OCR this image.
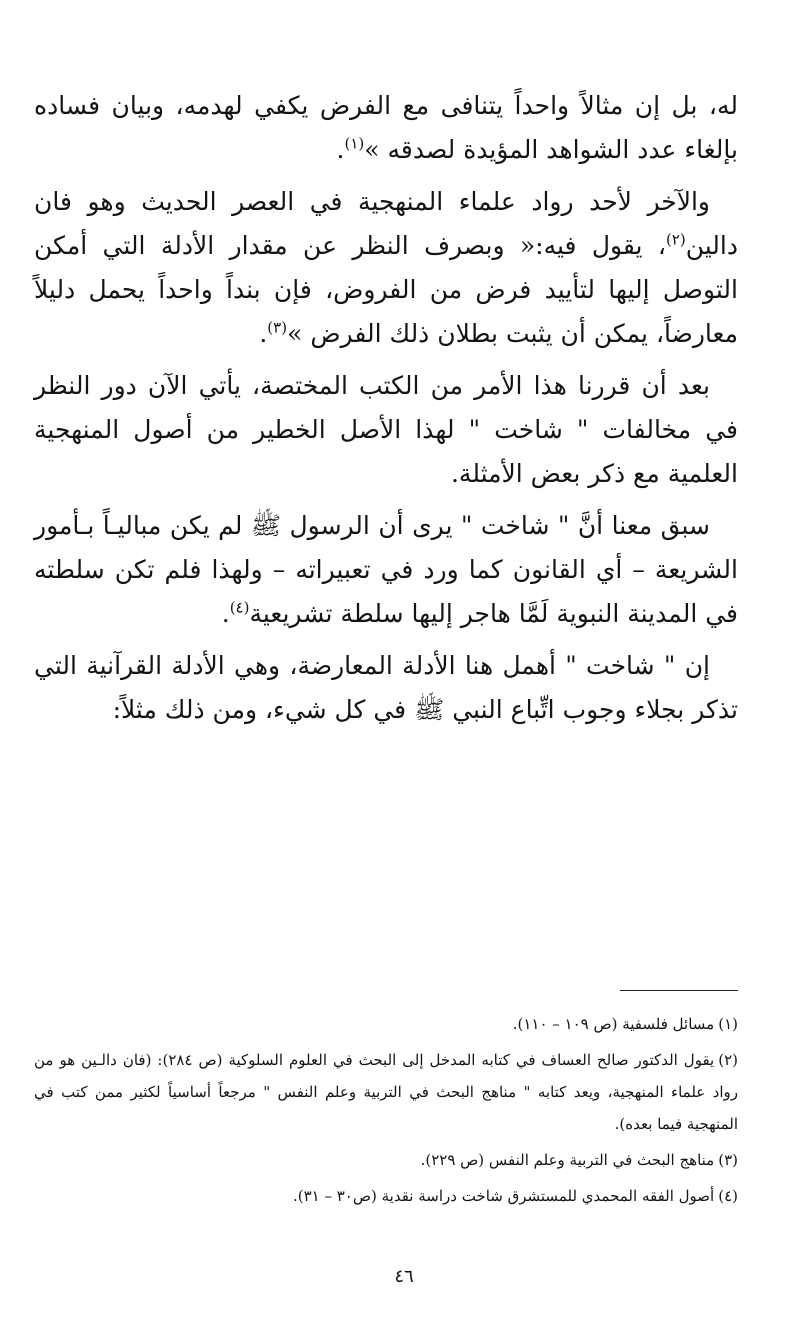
له، بل إن مثالاً واحداً يتنافى مع الفرض يكفي لهدمه، وبيان فساده بإلغاء عدد الشواهد المؤيدة لصدقه »$^{(١)}$.

والآخر لأحد رواد علماء المنهجية في العصر الحديث وهو فان دالين$^{(٢)}$، يقول فيه:« وبصرف النظر عن مقدار الأدلة التي أمكن التوصل إليها لتأييد فرض من الفروض، فإن بنداً واحداً يحمل دليلاً معارضاً، يمكن أن يثبت بطلان ذلك الفرض »$^{(٣)}$.

بعد أن قررنا هذا الأمر من الكتب المختصة، يأتي الآن دور النظر في مخالفات " شاخت " لهذا الأصل الخطير من أصول المنهجية العلمية مع ذكر بعض الأمثلة.

سبق معنا أنَّ " شاخت " يرى أن الرسول ﷺ لم يكن مباليـاً بـأمور الشريعة – أي القانون كما ورد في تعبيراته – ولهذا فلم تكن سلطته في المدينة النبوية لَمَّا هاجر إليها سلطة تشريعية$^{(٤)}$.

إن " شاخت " أهمل هنا الأدلة المعارضة، وهي الأدلة القرآنية التي تذكر بجلاء وجوب اتِّباع النبي ﷺ في كل شيء، ومن ذلك مثلاً:

(١)مسائل فلسفية (ص ١٠٩ – ١١٠).

(٢)يقول الدكتور صالح العساف في كتابه المدخل إلى البحث في العلوم السلوكية (ص ٢٨٤): (فان دالـين هو من رواد علماء المنهجية، ويعد كتابه " مناهج البحث في التربية وعلم النفس " مرجعاً أساسياً لكثير ممن كتب في المنهجية فيما بعده).

(٣)مناهج البحث في التربية وعلم النفس (ص ٢٢٩).

(٤)أصول الفقه المحمدي للمستشرق شاخت دراسة نقدية (ص٣٠ – ٣١).

٤٦
